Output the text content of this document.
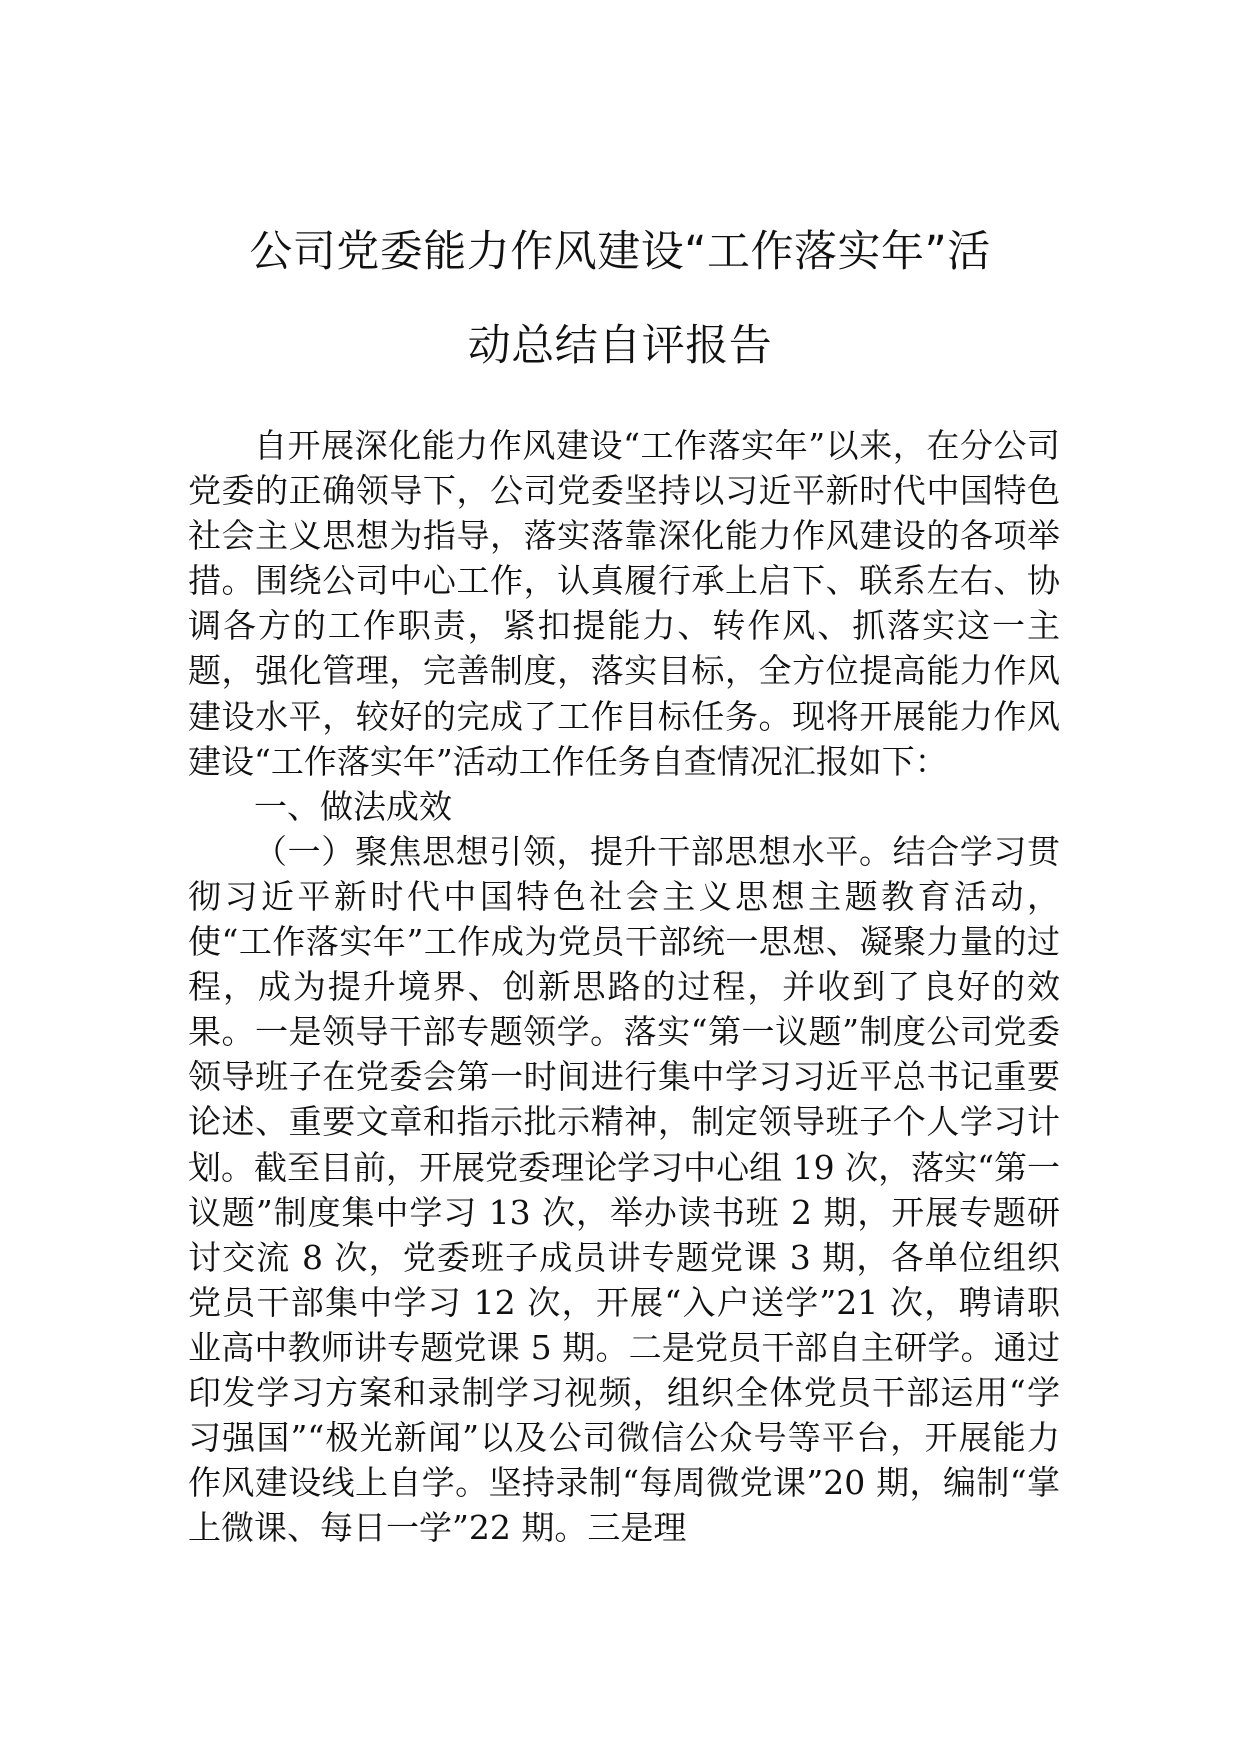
公司党委能力作风建设“工作落实年”活
动总结自评报告

自开展深化能力作风建设“工作落实年”以来，在分公司党委的正确领导下，公司党委坚持以习近平新时代中国特色社会主义思想为指导，落实落靠深化能力作风建设的各项举措。围绕公司中心工作，认真履行承上启下、联系左右、协调各方的工作职责，紧扣提能力、转作风、抓落实这一主题，强化管理，完善制度，落实目标，全方位提高能力作风建设水平，较好的完成了工作目标任务。现将开展能力作风建设“工作落实年”活动工作任务自查情况汇报如下：

一、做法成效

（一）聚焦思想引领，提升干部思想水平。结合学习贯彻习近平新时代中国特色社会主义思想主题教育活动，使“工作落实年”工作成为党员干部统一思想、凝聚力量的过程，成为提升境界、创新思路的过程，并收到了良好的效果。一是领导干部专题领学。落实“第一议题”制度公司党委领导班子在党委会第一时间进行集中学习习近平总书记重要论述、重要文章和指示批示精神，制定领导班子个人学习计划。截至目前，开展党委理论学习中心组 19 次，落实“第一议题”制度集中学习 13 次，举办读书班 2 期，开展专题研讨交流 8 次，党委班子成员讲专题党课 3 期，各单位组织党员干部集中学习 12 次，开展“入户送学”21 次，聘请职业高中教师讲专题党课 5 期。二是党员干部自主研学。通过印发学习方案和录制学习视频，组织全体党员干部运用“学习强国”“极光新闻”以及公司微信公众号等平台，开展能力作风建设线上自学。坚持录制“每周微党课”20 期，编制“掌上微课、每日一学”22 期。三是理
